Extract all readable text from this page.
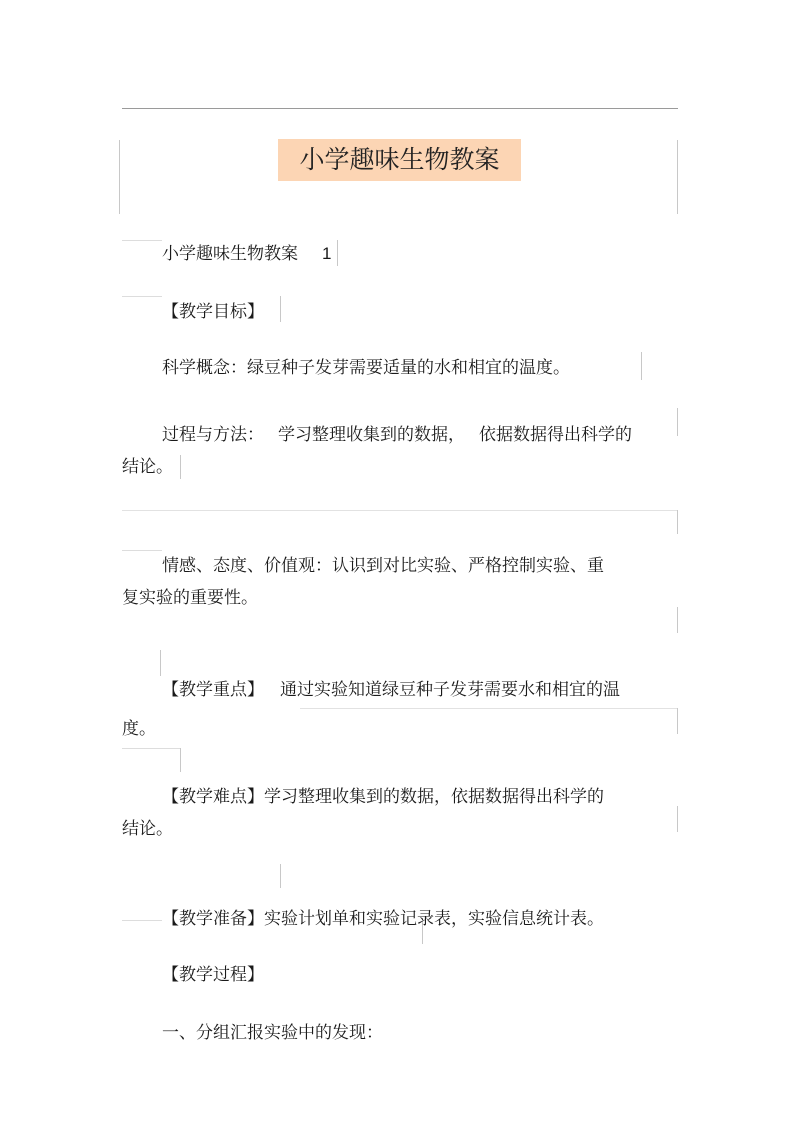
小学趣味生物教案
小学趣味生物教案 1
【教学目标】
科学概念：绿豆种子发芽需要适量的水和相宜的温度。
过程与方法： 学习整理收集到的数据， 依据数据得出科学的
结论。
情感、态度、价值观：认识到对比实验、严格控制实验、重
复实验的重要性。
【教学重点】 通过实验知道绿豆种子发芽需要水和相宜的温
度。
【教学难点】学习整理收集到的数据，依据数据得出科学的
结论。
【教学准备】实验计划单和实验记录表，实验信息统计表。
【教学过程】
一、分组汇报实验中的发现：
